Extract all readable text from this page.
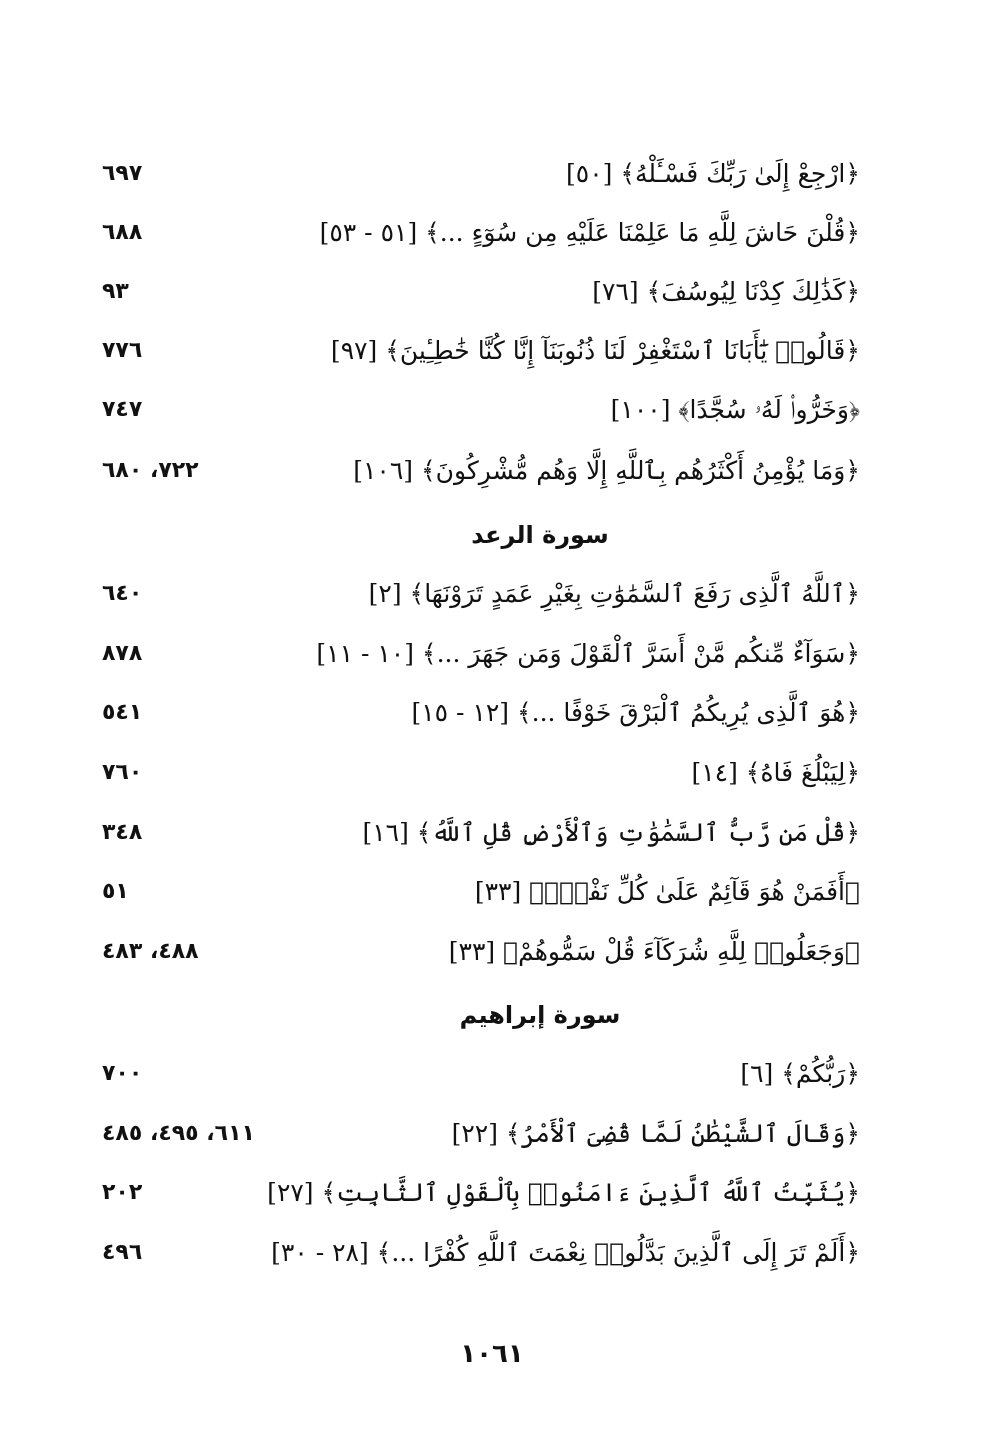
﴿ارْجِعْ إِلَىٰ رَبِّكَ فَسْـَٔلْهُ﴾ [٥٠]
٦٩٧
﴿قُلْنَ حَاشَ لِلَّهِ مَا عَلِمْنَا عَلَيْهِ مِن سُوٓءٍ ...﴾ [٥١ - ٥٣]
٦٨٨
﴿كَذَٰلِكَ كِدْنَا لِيُوسُفَ﴾ [٧٦]
٩٣
﴿قَالُوا۟ يَٰٓأَبَانَا ٱسْتَغْفِرْ لَنَا ذُنُوبَنَآ إِنَّا كُنَّا خَٰطِـِٔينَ﴾ [٩٧]
٧٧٦
﴿وَخَرُّوا۟ لَهُۥ سُجَّدًا﴾ [١٠٠]
٧٤٧
﴿وَمَا يُؤْمِنُ أَكْثَرُهُم بِٱللَّهِ إِلَّا وَهُم مُّشْرِكُونَ﴾ [١٠٦]
٧٢٢، ٦٨٠
سورة الرعد
﴿ٱللَّهُ ٱلَّذِى رَفَعَ ٱلسَّمَٰوَٰتِ بِغَيْرِ عَمَدٍ تَرَوْنَهَا﴾ [٢]
٦٤٠
﴿سَوَآءٌ مِّنكُم مَّنْ أَسَرَّ ٱلْقَوْلَ وَمَن جَهَرَ ...﴾ [١٠ - ١١]
٨٧٨
﴿هُوَ ٱلَّذِى يُرِيكُمُ ٱلْبَرْقَ خَوْفًا ...﴾ [١٢ - ١٥]
٥٤١
﴿لِيَبْلُغَ فَاهُ﴾ [١٤]
٧٦٠
﴿قُلْ مَن رَّبُّ ٱلسَّمَٰوَٰتِ وَٱلْأَرْضِ قُلِ ٱللَّهُ﴾ [١٦]
٣٤٨
﴿أَفَمَنْ هُوَ قَآئِمٌ عَلَىٰ كُلِّ نَفْسٍۭ﴾ [٣٣]
٥١
﴿وَجَعَلُوا۟ لِلَّهِ شُرَكَآءَ قُلْ سَمُّوهُمْ﴾ [٣٣]
٤٨٨، ٤٨٣
سورة إبراهيم
﴿رَبُّكُمْ﴾ [٦]
٧٠٠
﴿وَقَالَ ٱلشَّيْطَٰنُ لَمَّا قُضِىَ ٱلْأَمْرُ﴾ [٢٢]
٦١١، ٤٩٥، ٤٨٥
﴿يُثَبِّتُ ٱللَّهُ ٱلَّذِينَ ءَامَنُوا۟ بِٱلْقَوْلِ ٱلثَّابِتِ﴾ [٢٧]
٢٠٢
﴿أَلَمْ تَرَ إِلَى ٱلَّذِينَ بَدَّلُوا۟ نِعْمَتَ ٱللَّهِ كُفْرًا ...﴾ [٢٨ - ٣٠]
٤٩٦
١٠٦١
